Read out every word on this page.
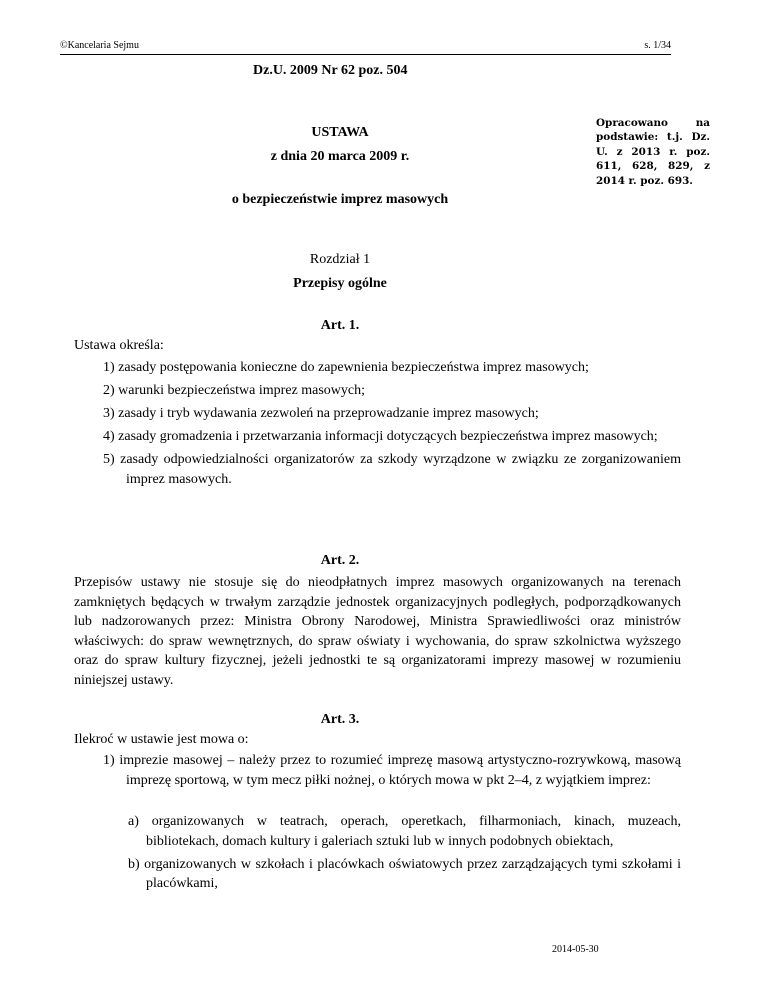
©Kancelaria Sejmu	s. 1/34
Dz.U. 2009 Nr 62 poz. 504
Opracowano na podstawie: t.j. Dz. U. z 2013 r. poz. 611, 628, 829, z 2014 r. poz. 693.
USTAWA
z dnia 20 marca 2009 r.
o bezpieczeństwie imprez masowych
Rozdział 1
Przepisy ogólne
Art. 1.
Ustawa określa:
1) zasady postępowania konieczne do zapewnienia bezpieczeństwa imprez masowych;
2) warunki bezpieczeństwa imprez masowych;
3) zasady i tryb wydawania zezwoleń na przeprowadzanie imprez masowych;
4) zasady gromadzenia i przetwarzania informacji dotyczących bezpieczeństwa imprez masowych;
5) zasady odpowiedzialności organizatorów za szkody wyrządzone w związku ze zorganizowaniem imprez masowych.
Art. 2.
Przepisów ustawy nie stosuje się do nieodpłatnych imprez masowych organizowanych na terenach zamkniętych będących w trwałym zarządzie jednostek organizacyjnych podległych, podporządkowanych lub nadzorowanych przez: Ministra Obrony Narodowej, Ministra Sprawiedliwości oraz ministrów właściwych: do spraw wewnętrznych, do spraw oświaty i wychowania, do spraw szkolnictwa wyższego oraz do spraw kultury fizycznej, jeżeli jednostki te są organizatorami imprezy masowej w rozumieniu niniejszej ustawy.
Art. 3.
Ilekroć w ustawie jest mowa o:
1) imprezie masowej – należy przez to rozumieć imprezę masową artystyczno-rozrywkową, masową imprezę sportową, w tym mecz piłki nożnej, o których mowa w pkt 2–4, z wyjątkiem imprez:
a) organizowanych w teatrach, operach, operetkach, filharmoniach, kinach, muzeach, bibliotekach, domach kultury i galeriach sztuki lub w innych podobnych obiektach,
b) organizowanych w szkołach i placówkach oświatowych przez zarządzających tymi szkołami i placówkami,
2014-05-30
